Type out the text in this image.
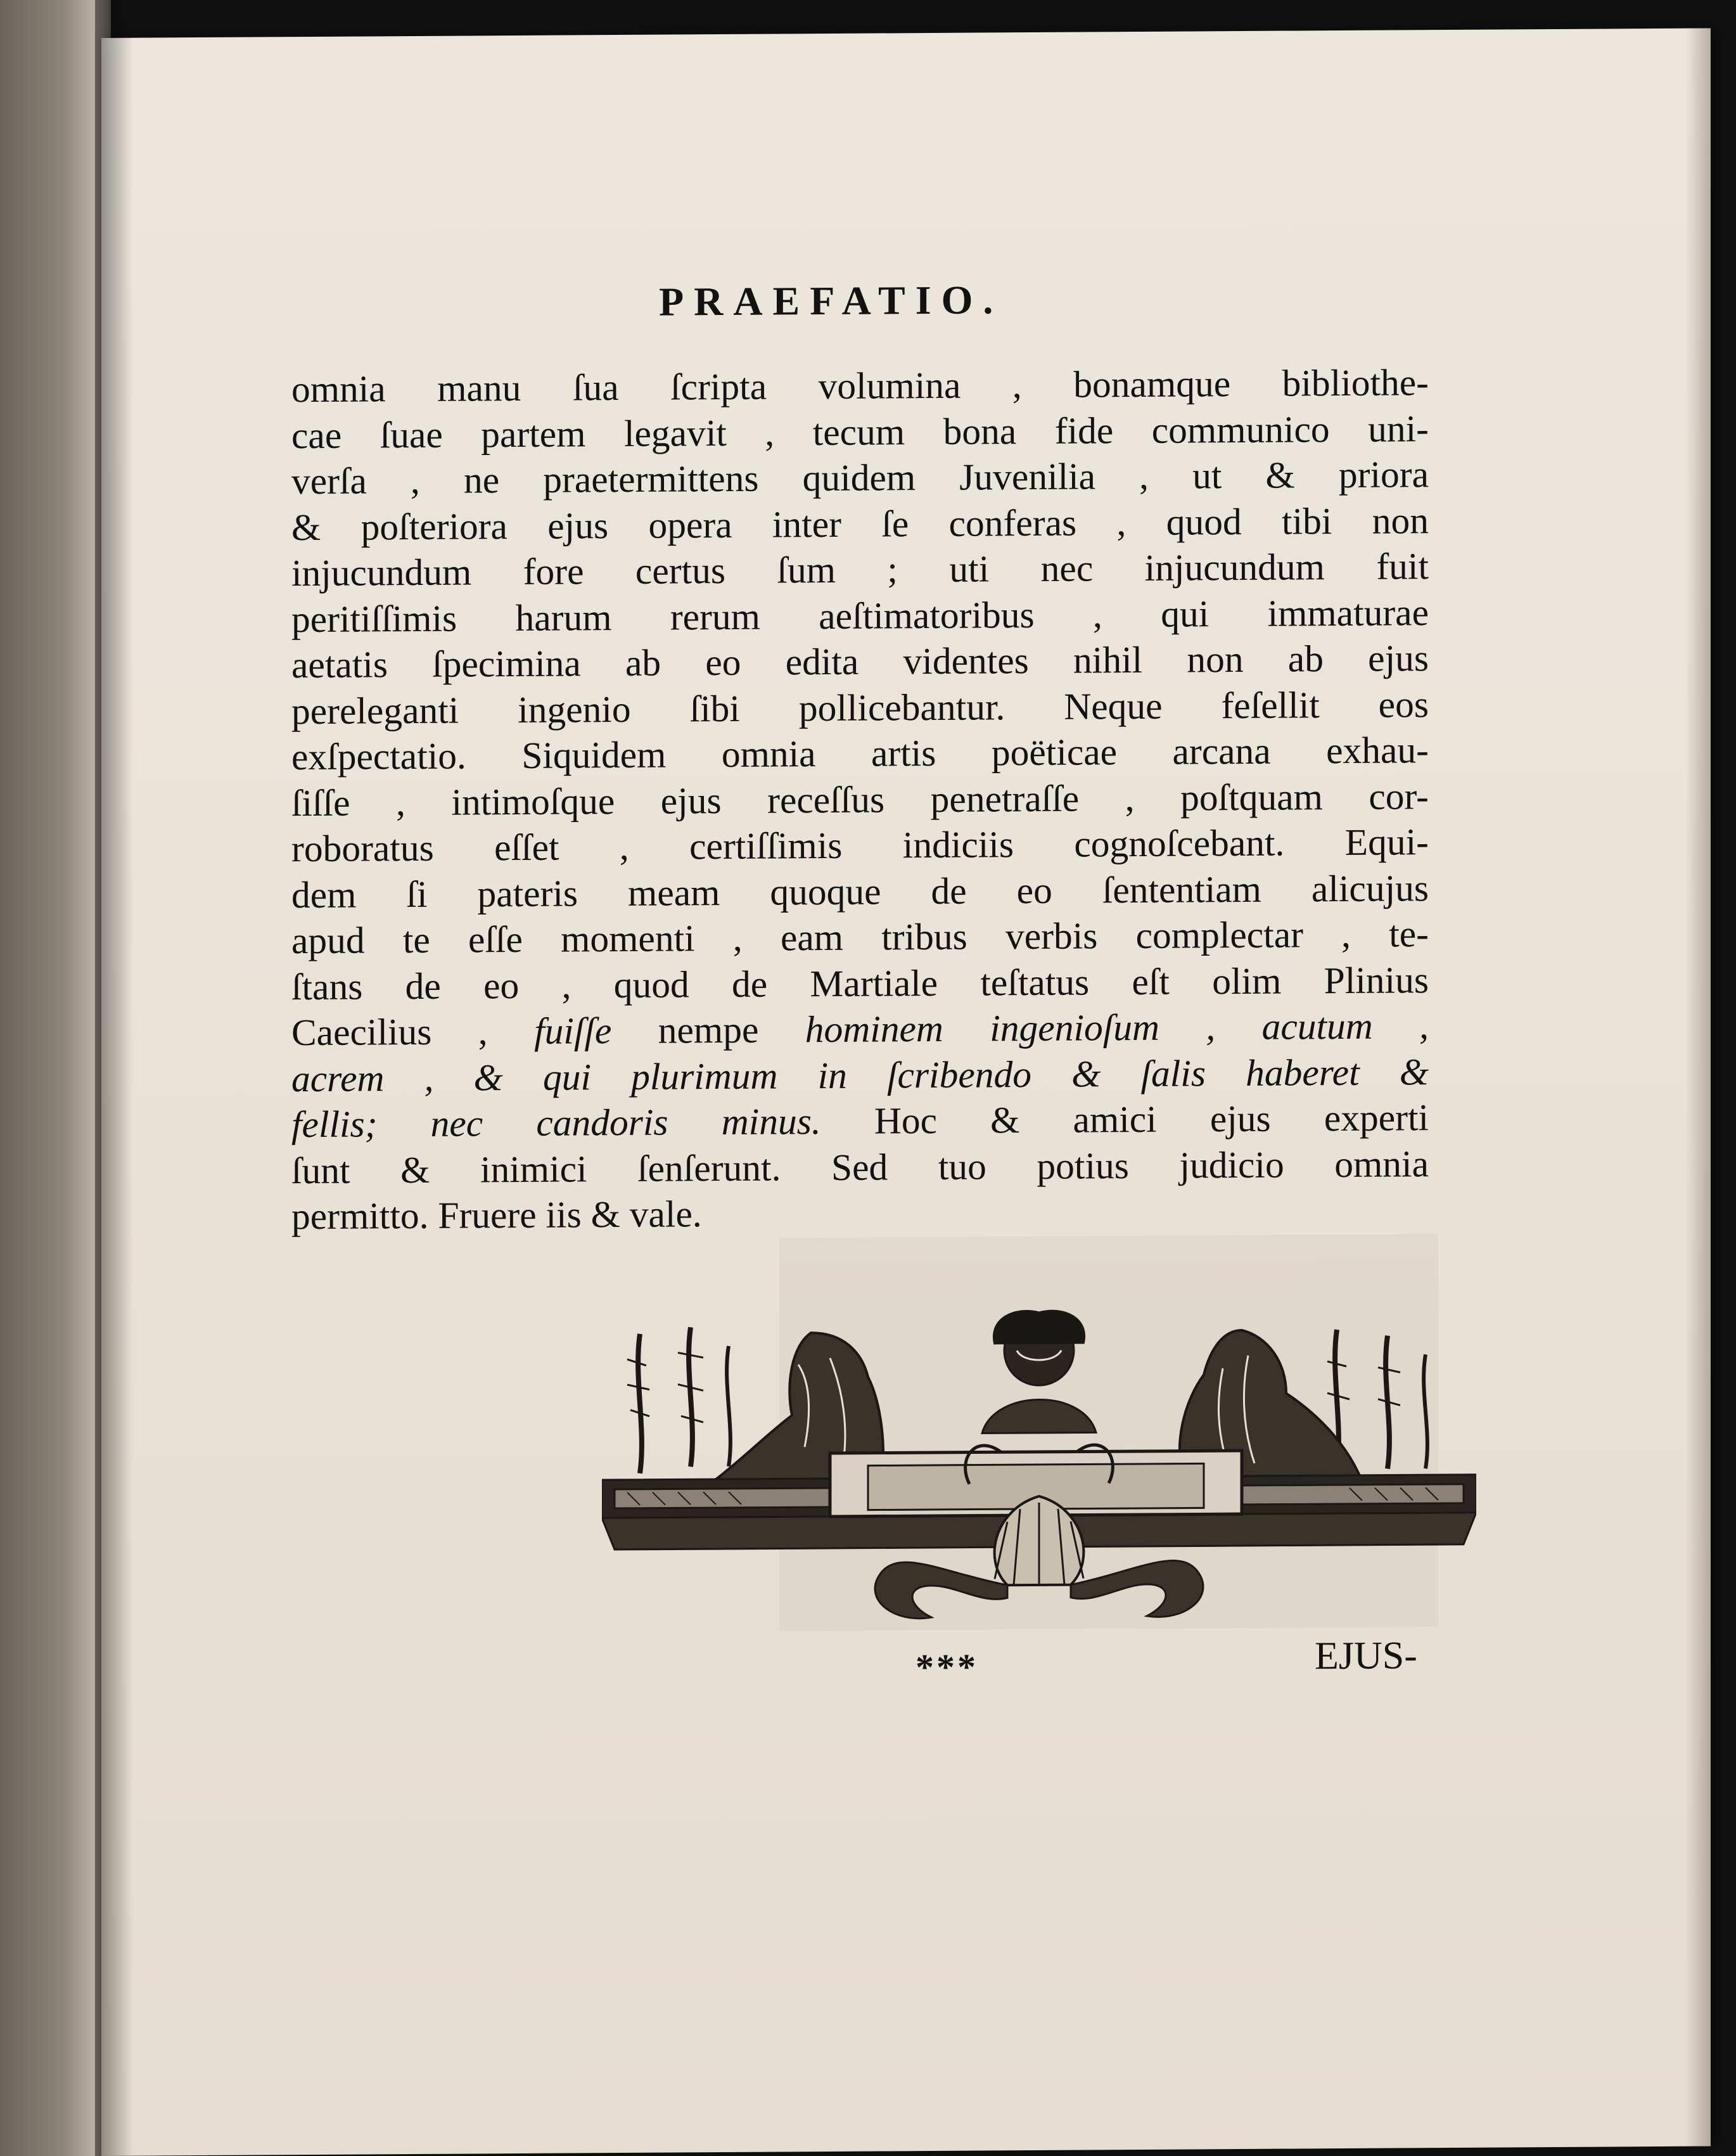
PRAEFATIO.
omnia manu ſua ſcripta volumina , bonamque bibliothe-
cae ſuae partem legavit , tecum bona fide communico uni-
verſa , ne praetermittens quidem Juvenilia , ut & priora
& poſteriora ejus opera inter ſe conferas , quod tibi non
injucundum fore certus ſum ; uti nec injucundum fuit
peritiſſimis harum rerum aeſtimatoribus , qui immaturae
aetatis ſpecimina ab eo edita videntes nihil non ab ejus
pereleganti ingenio ſibi pollicebantur. Neque feſellit eos
exſpectatio. Siquidem omnia artis poëticae arcana exhau-
ſiſſe , intimoſque ejus receſſus penetraſſe , poſtquam cor-
roboratus eſſet , certiſſimis indiciis cognoſcebant. Equi-
dem ſi pateris meam quoque de eo ſententiam alicujus
apud te eſſe momenti , eam tribus verbis complectar , te-
ſtans de eo , quod de Martiale teſtatus eſt olim Plinius
Caecilius , fuiſſe nempe hominem ingenioſum , acutum ,
acrem , & qui plurimum in ſcribendo & ſalis haberet &
fellis; nec candoris minus. Hoc & amici ejus experti
ſunt & inimici ſenſerunt. Sed tuo potius judicio omnia
permitto. Fruere iis & vale.
***	EJUS-
